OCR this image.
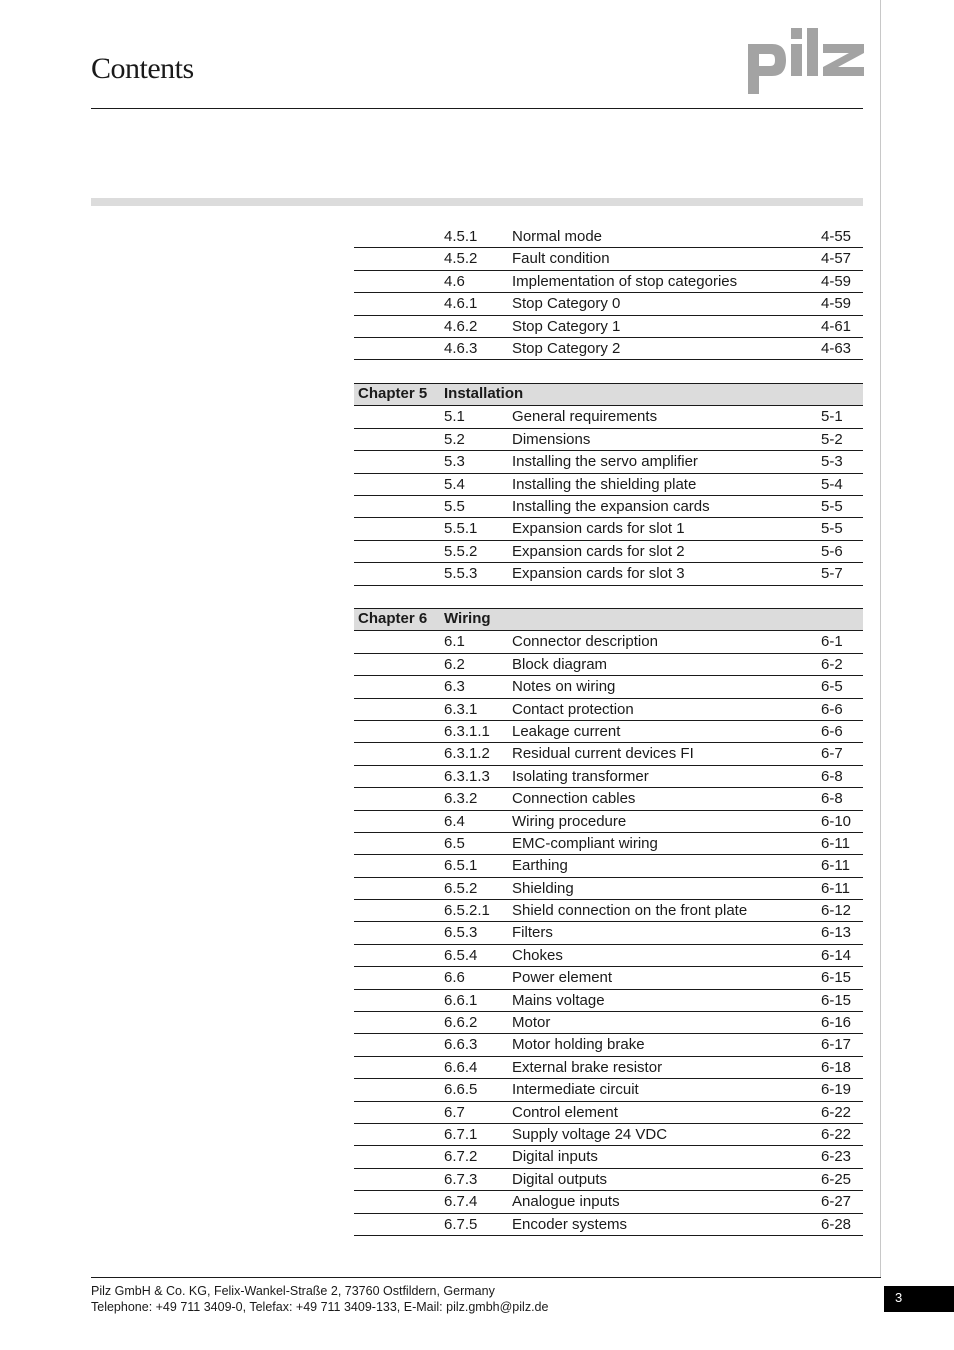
Contents
4.5.1 Normal mode	4-55
4.5.2 Fault condition	4-57
4.6	Implementation of stop categories	4-59
4.6.1 Stop Category 0	4-59
4.6.2 Stop Category 1	4-61
4.6.3 Stop Category 2	4-63
Chapter 5 Installation
5.1	General requirements	5-1
5.2	Dimensions	5-2
5.3	Installing the servo amplifier	5-3
5.4	Installing the shielding plate	5-4
5.5	Installing the expansion cards	5-5
5.5.1 Expansion cards for slot 1	5-5
5.5.2 Expansion cards for slot 2	5-6
5.5.3 Expansion cards for slot 3	5-7
Chapter 6 Wiring
6.1	Connector description	6-1
6.2	Block diagram	6-2
6.3	Notes on wiring	6-5
6.3.1 Contact protection	6-6
6.3.1.1 Leakage current	6-6
6.3.1.2 Residual current devices FI	6-7
6.3.1.3 Isolating transformer	6-8
6.3.2 Connection cables	6-8
6.4	Wiring procedure	6-10
6.5	EMC-compliant wiring	6-11
6.5.1 Earthing	6-11
6.5.2 Shielding	6-11
6.5.2.1 Shield connection on the front plate	6-12
6.5.3 Filters	6-13
6.5.4 Chokes	6-14
6.6	Power element	6-15
6.6.1 Mains voltage	6-15
6.6.2 Motor	6-16
6.6.3 Motor holding brake	6-17
6.6.4 External brake resistor	6-18
6.6.5 Intermediate circuit	6-19
6.7	Control element	6-22
6.7.1 Supply voltage 24 VDC	6-22
6.7.2 Digital inputs	6-23
6.7.3 Digital outputs	6-25
6.7.4 Analogue inputs	6-27
6.7.5 Encoder systems	6-28
Pilz GmbH & Co. KG, Felix-Wankel-Straße 2, 73760 Ostfildern, Germany
Telephone: +49 711 3409-0, Telefax: +49 711 3409-133, E-Mail: pilz.gmbh@pilz.de
3
